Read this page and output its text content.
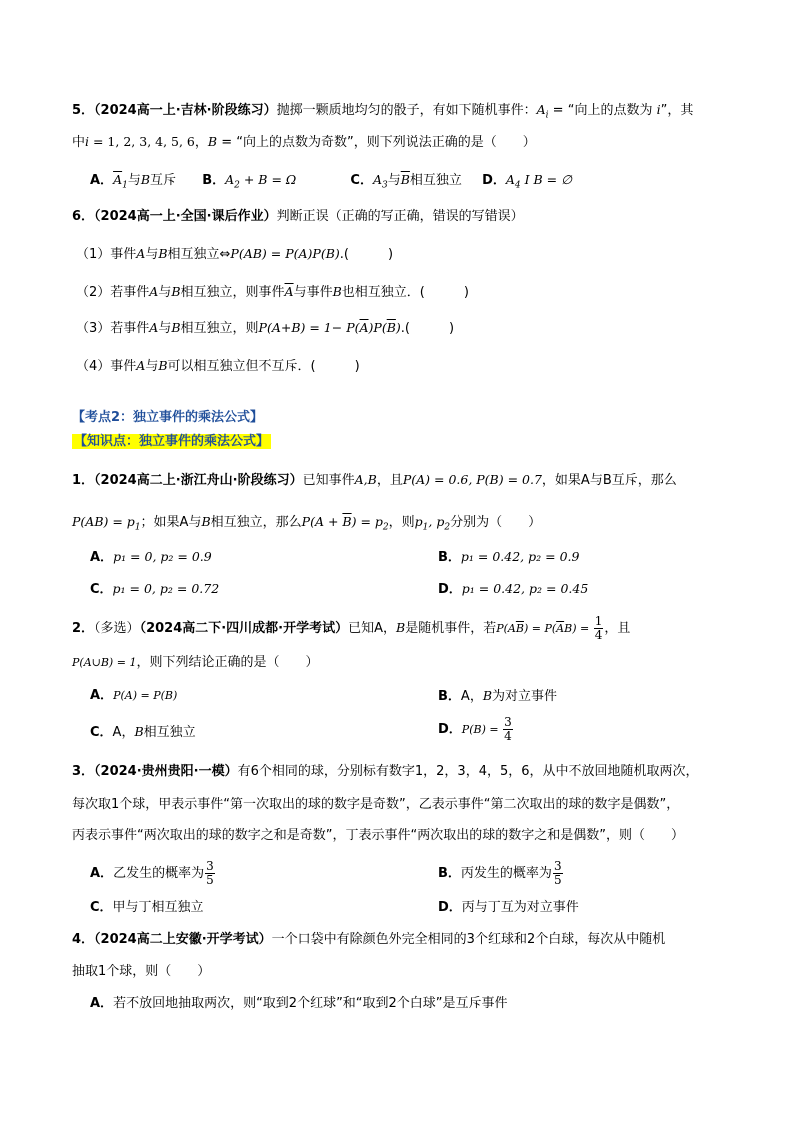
5．（2024高一上·吉林·阶段练习）抛掷一颗质地均匀的骰子，有如下随机事件：$A_i$ = “向上的点数为 i”，其
中i = 1, 2, 3, 4, 5, 6，B = “向上的点数为奇数”，则下列说法正确的是（　　）
A．$\overline{A}_1$与B互斥 B．$A_2 + B = \Omega$	C．$A_3$与$\overline{B}$相互独立 D．$A_4$ I B = ∅
6．（2024高一上·全国·课后作业）判断正误（正确的写正确，错误的写错误）
（1）事件A与B相互独立⇔P(AB) = P(A)P(B).(　　　)
（2）若事件A与B相互独立，则事件$\overline{A}$与事件B也相互独立．(　　　)
（3）若事件A与B相互独立，则$P(A+B) = 1- P(\overline{A})P(\overline{B})$.(　　　)
（4）事件A与B可以相互独立但不互斥．(　　　)
【考点2：独立事件的乘法公式】
【知识点：独立事件的乘法公式】
1．（2024高二上·浙江舟山·阶段练习）已知事件A,B，且P(A) = 0.6, P(B) = 0.7，如果A与B互斥，那么
$P(AB) = p_1$；如果A与B相互独立，那么$P(A + \overline{B}) = p_2$，则$p_1$, $p_2$分别为（　　）
A．p₁ = 0, p₂ = 0.9	B．p₁ = 0.42, p₂ = 0.9
C．p₁ = 0, p₂ = 0.72	D．p₁ = 0.42, p₂ = 0.45
2．（多选）（2024高二下·四川成都·开学考试）已知A，B是随机事件，若$P(A\overline{B}) = P(\overline{A}B) = \frac{1}{4}$ ，且
P(A∪B) = 1，则下列结论正确的是（　　）
A．P(A) = P(B)	B．A，B为对立事件
C．A，B相互独立	D．$P(B) = \frac{3}{4}$
3．（2024·贵州贵阳·一模）有6个相同的球，分别标有数字1，2，3，4，5，6，从中不放回地随机取两次，
每次取1个球，甲表示事件“第一次取出的球的数字是奇数”，乙表示事件“第二次取出的球的数字是偶数”，
丙表示事件“两次取出的球的数字之和是奇数”，丁表示事件“两次取出的球的数字之和是偶数”，则（　　）
A．乙发生的概率为 $\frac{3}{5}$	B．丙发生的概率为 $\frac{3}{5}$
C．甲与丁相互独立	D．丙与丁互为对立事件
4．（2024高二上安徽·开学考试）一个口袋中有除颜色外完全相同的3个红球和2个白球，每次从中随机
抽取1个球，则（　　）
A．若不放回地抽取两次，则“取到2个红球”和“取到2个白球”是互斥事件
